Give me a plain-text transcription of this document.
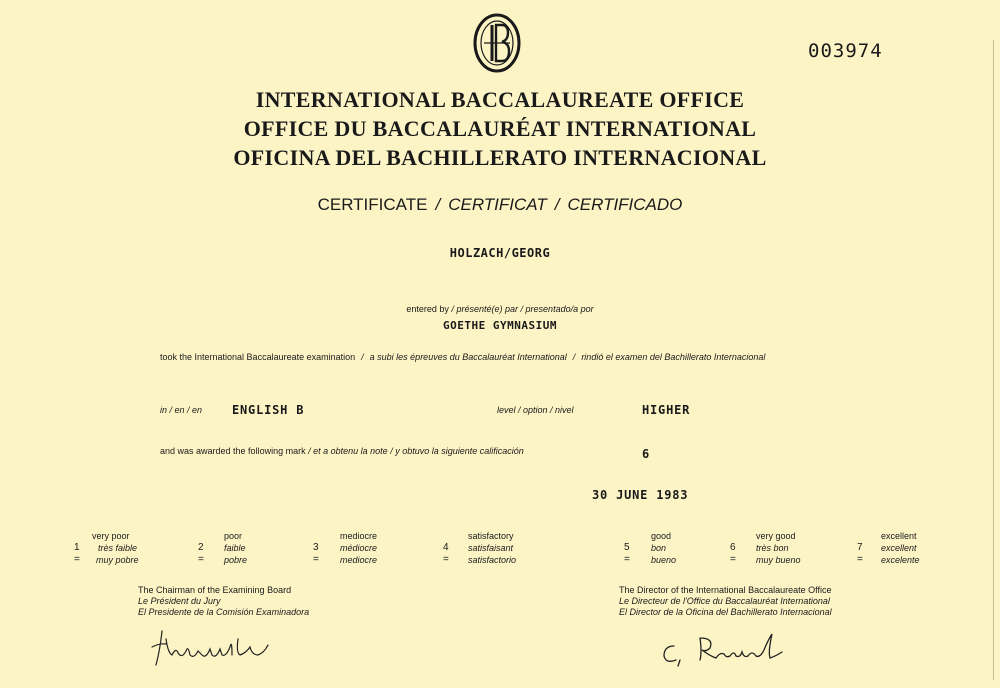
003974
INTERNATIONAL BACCALAUREATE OFFICE
OFFICE DU BACCALAURÉAT INTERNATIONAL
OFICINA DEL BACHILLERATO INTERNACIONAL
CERTIFICATE / CERTIFICAT / CERTIFICADO
HOLZACH/GEORG
entered by / présenté(e) par / presentado/a por
GOETHE GYMNASIUM
took the International Baccalaureate examination / a subi les épreuves du Baccalauréat International / rindió el examen del Bachillerato Internacional
in / en / en ENGLISH B	level / option / nivel	HIGHER
and was awarded the following mark / et a obtenu la note / y obtuvo la siguiente calificación	6
30 JUNE 1983
1 =
very poor
très faible
muy pobre
2 =
poor
faible
pobre
3 =
mediocre
médiocre
mediocre
4 =
satisfactory
satisfaisant
satisfactorio
5 =
good
bon
bueno
6 =
very good
très bon
muy bueno
7 =
excellent
excellent
excelente
The Chairman of the Examining Board
Le Président du Jury
El Presidente de la Comisión Examinadora
The Director of the International Baccalaureate Office
Le Directeur de l'Office du Baccalauréat International
El Director de la Oficina del Bachillerato Internacional
